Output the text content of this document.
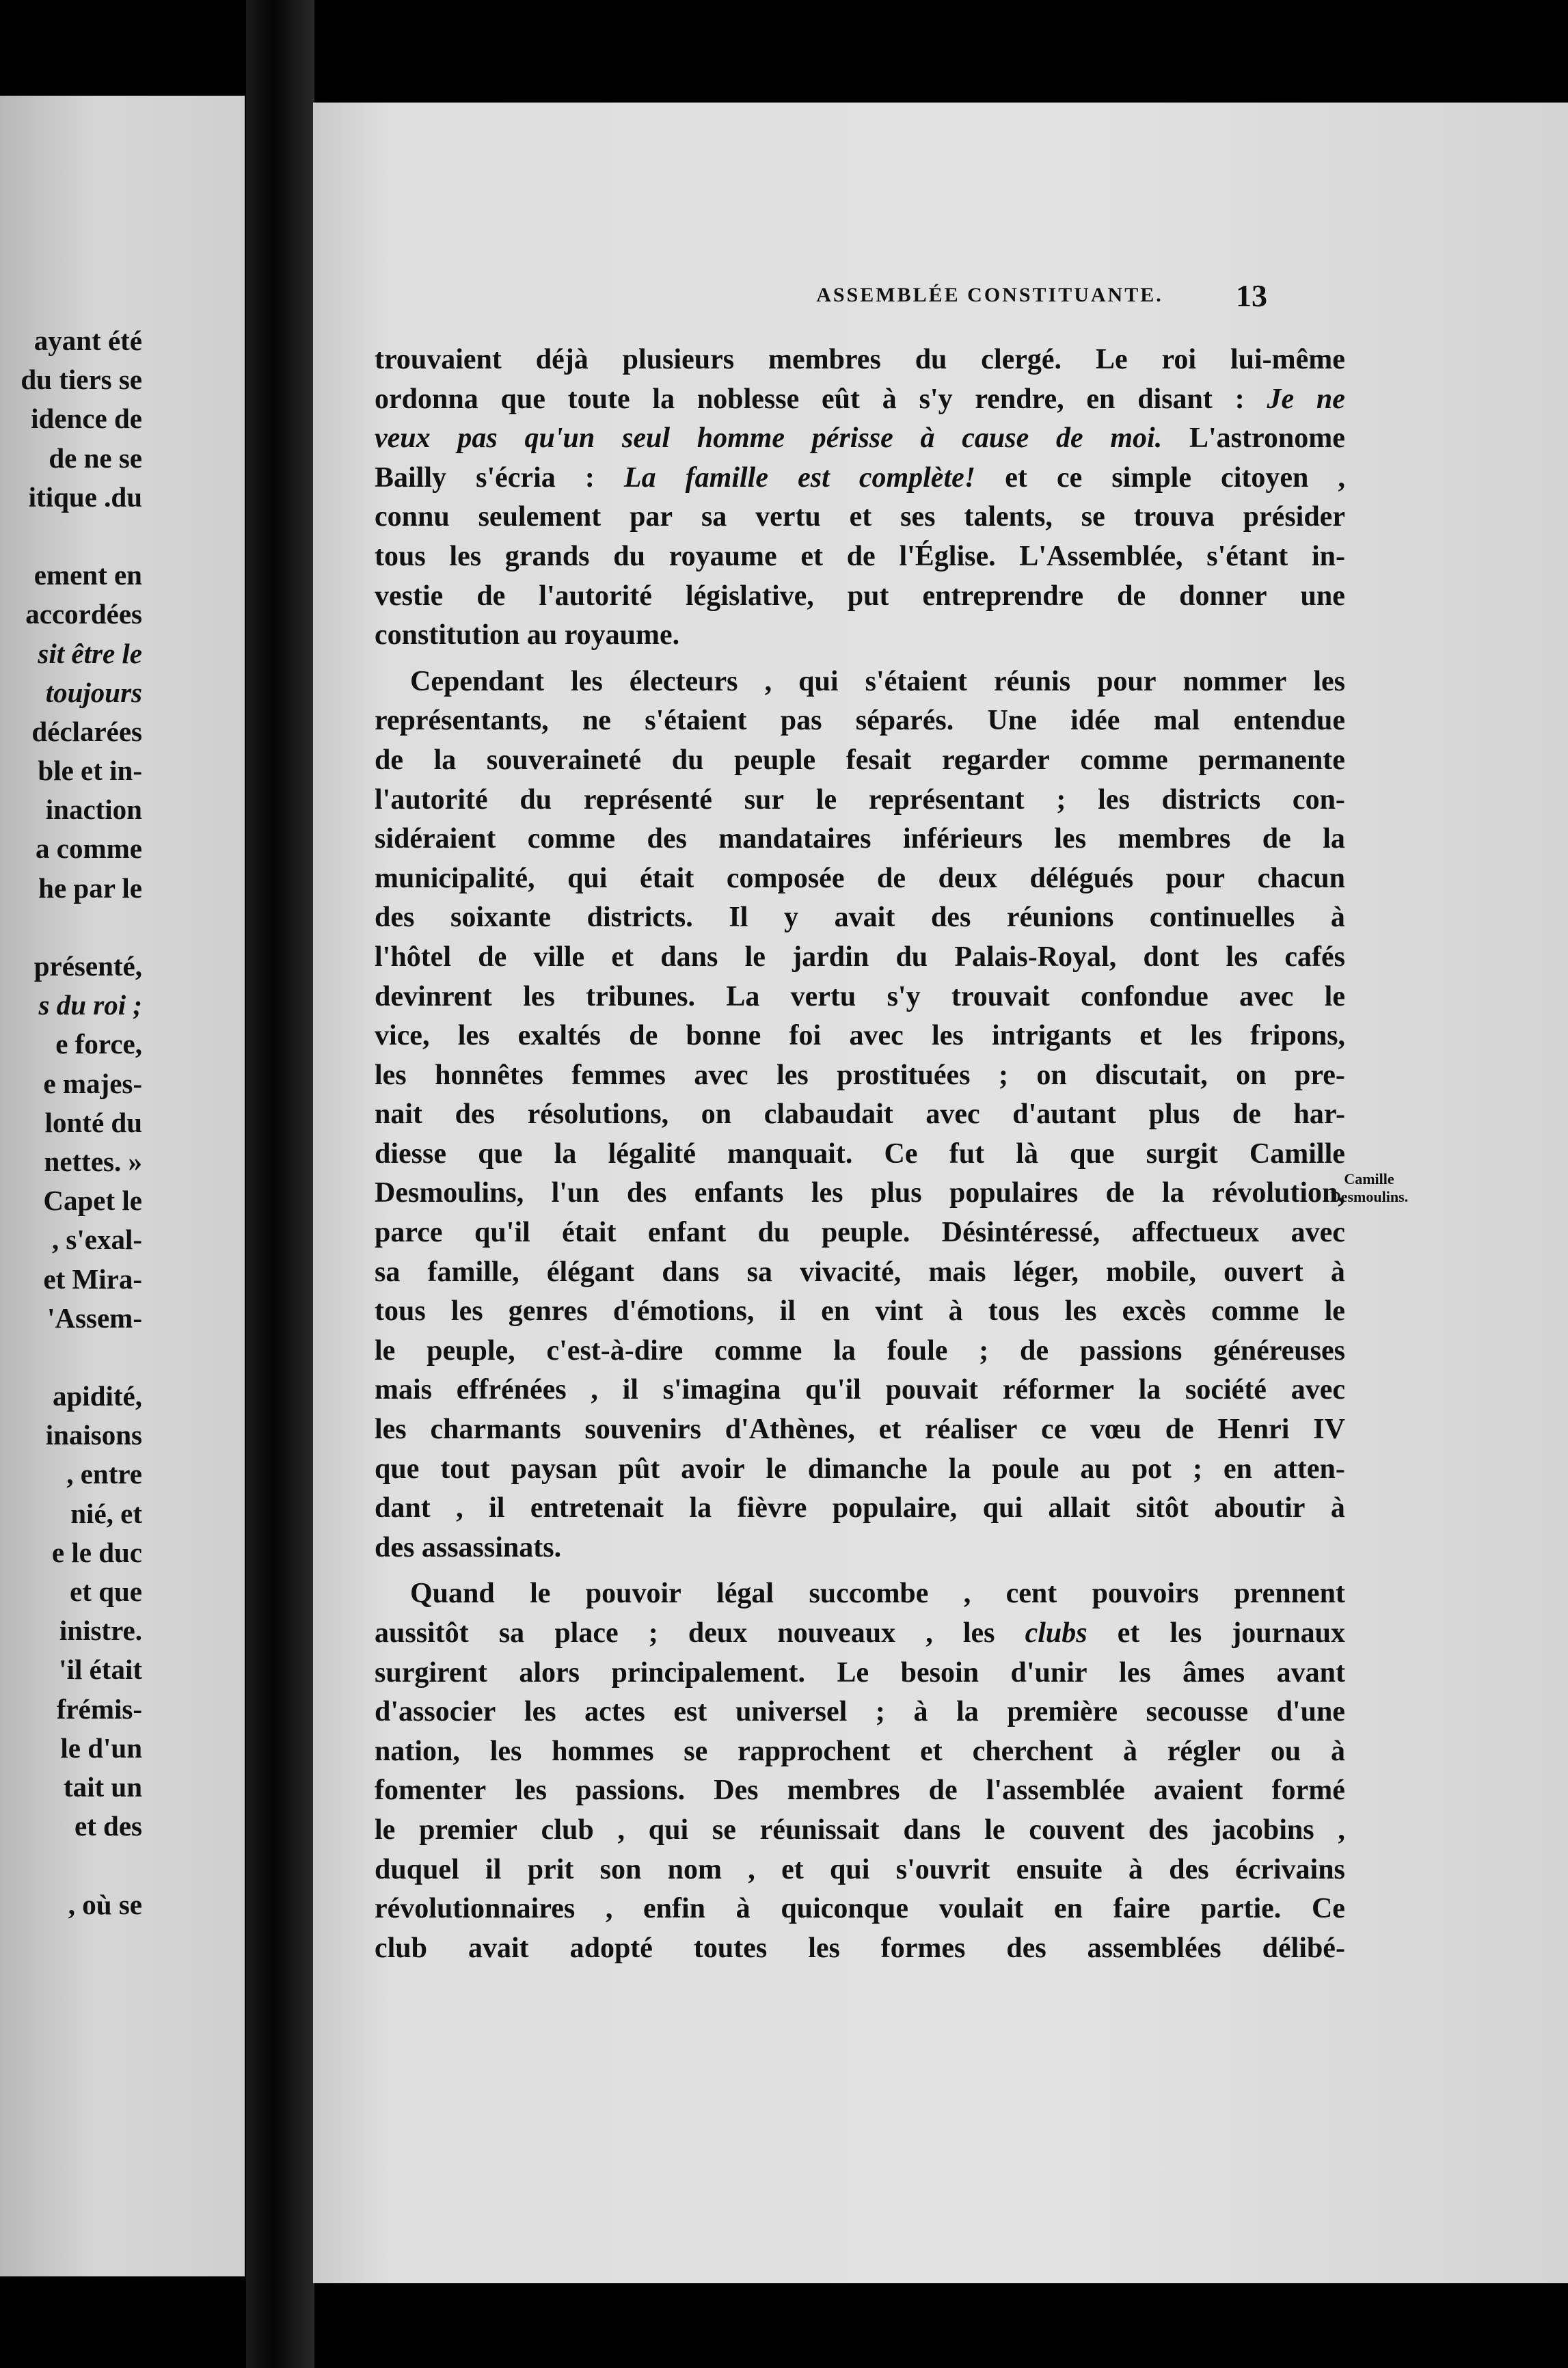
ayant été
du tiers se
idence de
de ne se
itique .du
ement en
accordées
sit être le
toujours
déclarées
ble et in-
inaction
a comme
he par le
présenté,
s du roi ;
e force,
e majes-
lonté du
nettes. »
Capet le
, s'exal-
et Mira-
'Assem-
apidité,
inaisons
, entre
nié, et
e le duc
et que
inistre.
'il était
frémis-
le d'un
tait un
et des
, où se
ASSEMBLÉE CONSTITUANTE.	13
trouvaient déjà plusieurs membres du clergé. Le roi lui-même
ordonna que toute la noblesse eût à s'y rendre, en disant : Je ne
veux pas qu'un seul homme périsse à cause de moi. L'astronome
Bailly s'écria : La famille est complète! et ce simple citoyen ,
connu seulement par sa vertu et ses talents, se trouva présider
tous les grands du royaume et de l'Église. L'Assemblée, s'étant in-
vestie de l'autorité législative, put entreprendre de donner une
constitution au royaume.
Cependant les électeurs , qui s'étaient réunis pour nommer les
représentants, ne s'étaient pas séparés. Une idée mal entendue
de la souveraineté du peuple fesait regarder comme permanente
l'autorité du représenté sur le représentant ; les districts con-
sidéraient comme des mandataires inférieurs les membres de la
municipalité, qui était composée de deux délégués pour chacun
des soixante districts. Il y avait des réunions continuelles à
l'hôtel de ville et dans le jardin du Palais-Royal, dont les cafés
devinrent les tribunes. La vertu s'y trouvait confondue avec le
vice, les exaltés de bonne foi avec les intrigants et les fripons,
les honnêtes femmes avec les prostituées ; on discutait, on pre-
nait des résolutions, on clabaudait avec d'autant plus de har-
diesse que la légalité manquait. Ce fut là que surgit Camille
Desmoulins, l'un des enfants les plus populaires de la révolution,
parce qu'il était enfant du peuple. Désintéressé, affectueux avec
sa famille, élégant dans sa vivacité, mais léger, mobile, ouvert à
tous les genres d'émotions, il en vint à tous les excès comme le
le peuple, c'est-à-dire comme la foule ; de passions généreuses
mais effrénées , il s'imagina qu'il pouvait réformer la société avec
les charmants souvenirs d'Athènes, et réaliser ce vœu de Henri IV
que tout paysan pût avoir le dimanche la poule au pot ; en atten-
dant , il entretenait la fièvre populaire, qui allait sitôt aboutir à
des assassinats.
Quand le pouvoir légal succombe , cent pouvoirs prennent
aussitôt sa place ; deux nouveaux , les clubs et les journaux
surgirent alors principalement. Le besoin d'unir les âmes avant
d'associer les actes est universel ; à la première secousse d'une
nation, les hommes se rapprochent et cherchent à régler ou à
fomenter les passions. Des membres de l'assemblée avaient formé
le premier club , qui se réunissait dans le couvent des jacobins ,
duquel il prit son nom , et qui s'ouvrit ensuite à des écrivains
révolutionnaires , enfin à quiconque voulait en faire partie. Ce
club avait adopté toutes les formes des assemblées délibé-
Camille
Desmoulins.
